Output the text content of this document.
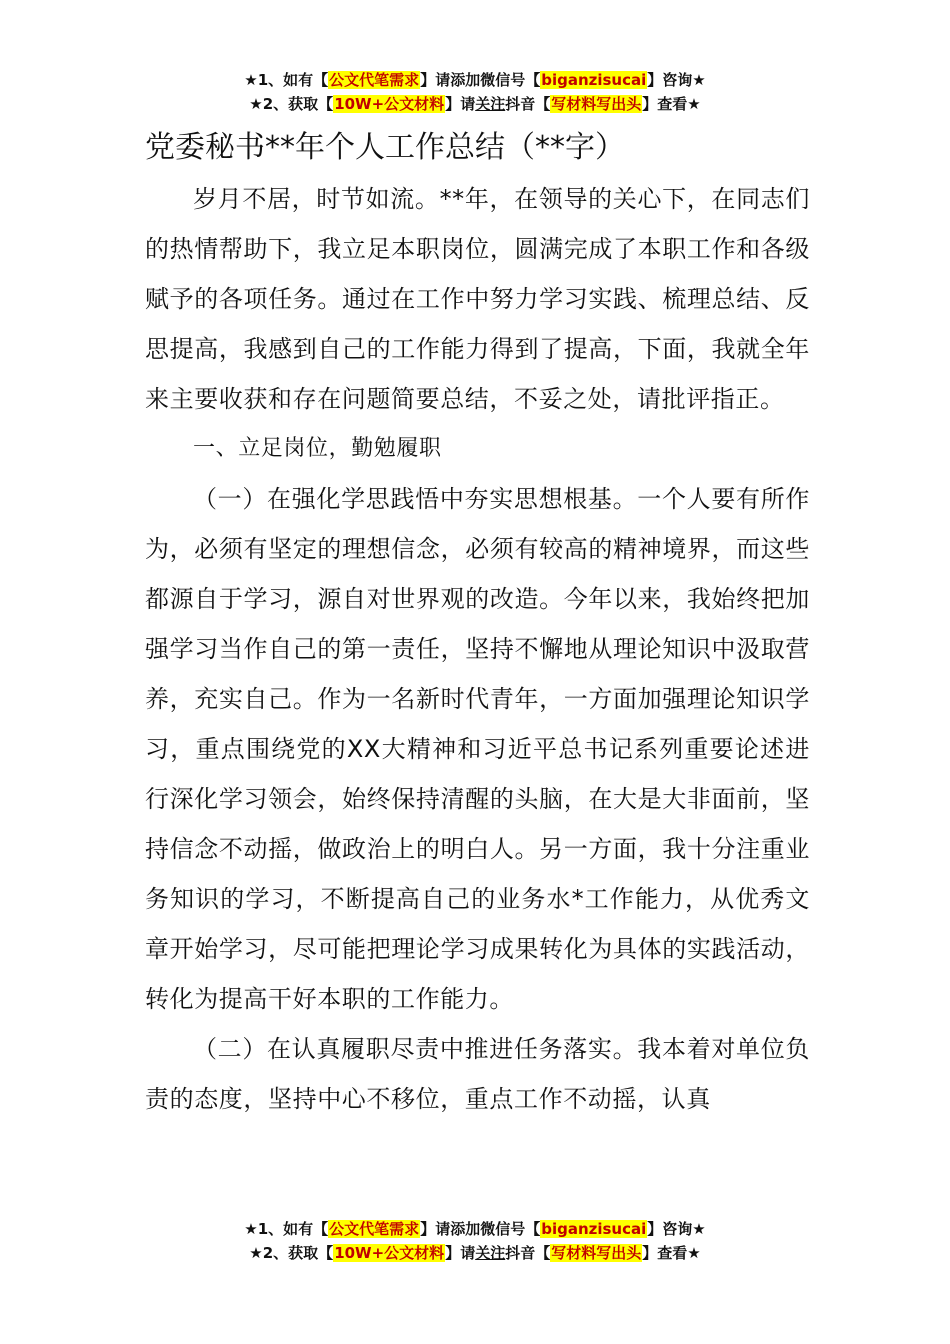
★1、如有【公文代笔需求】请添加微信号【biganzisucai】咨询★
★2、获取【10W+公文材料】请关注抖音【写材料写出头】查看★
党委秘书**年个人工作总结（**字）

岁月不居，时节如流。**年，在领导的关心下，在同志们的热情帮助下，我立足本职岗位，圆满完成了本职工作和各级赋予的各项任务。通过在工作中努力学习实践、梳理总结、反思提高，我感到自己的工作能力得到了提高，下面，我就全年来主要收获和存在问题简要总结，不妥之处，请批评指正。

一、立足岗位，勤勉履职

（一）在强化学思践悟中夯实思想根基。一个人要有所作为，必须有坚定的理想信念，必须有较高的精神境界，而这些都源自于学习，源自对世界观的改造。今年以来，我始终把加强学习当作自己的第一责任，坚持不懈地从理论知识中汲取营养，充实自己。作为一名新时代青年，一方面加强理论知识学习，重点围绕党的XX大精神和习近平总书记系列重要论述进行深化学习领会，始终保持清醒的头脑，在大是大非面前，坚持信念不动摇，做政治上的明白人。另一方面，我十分注重业务知识的学习，不断提高自己的业务水*工作能力，从优秀文章开始学习，尽可能把理论学习成果转化为具体的实践活动，转化为提高干好本职的工作能力。

（二）在认真履职尽责中推进任务落实。我本着对单位负责的态度，坚持中心不移位，重点工作不动摇，认真

★1、如有【公文代笔需求】请添加微信号【biganzisucai】咨询★
★2、获取【10W+公文材料】请关注抖音【写材料写出头】查看★
